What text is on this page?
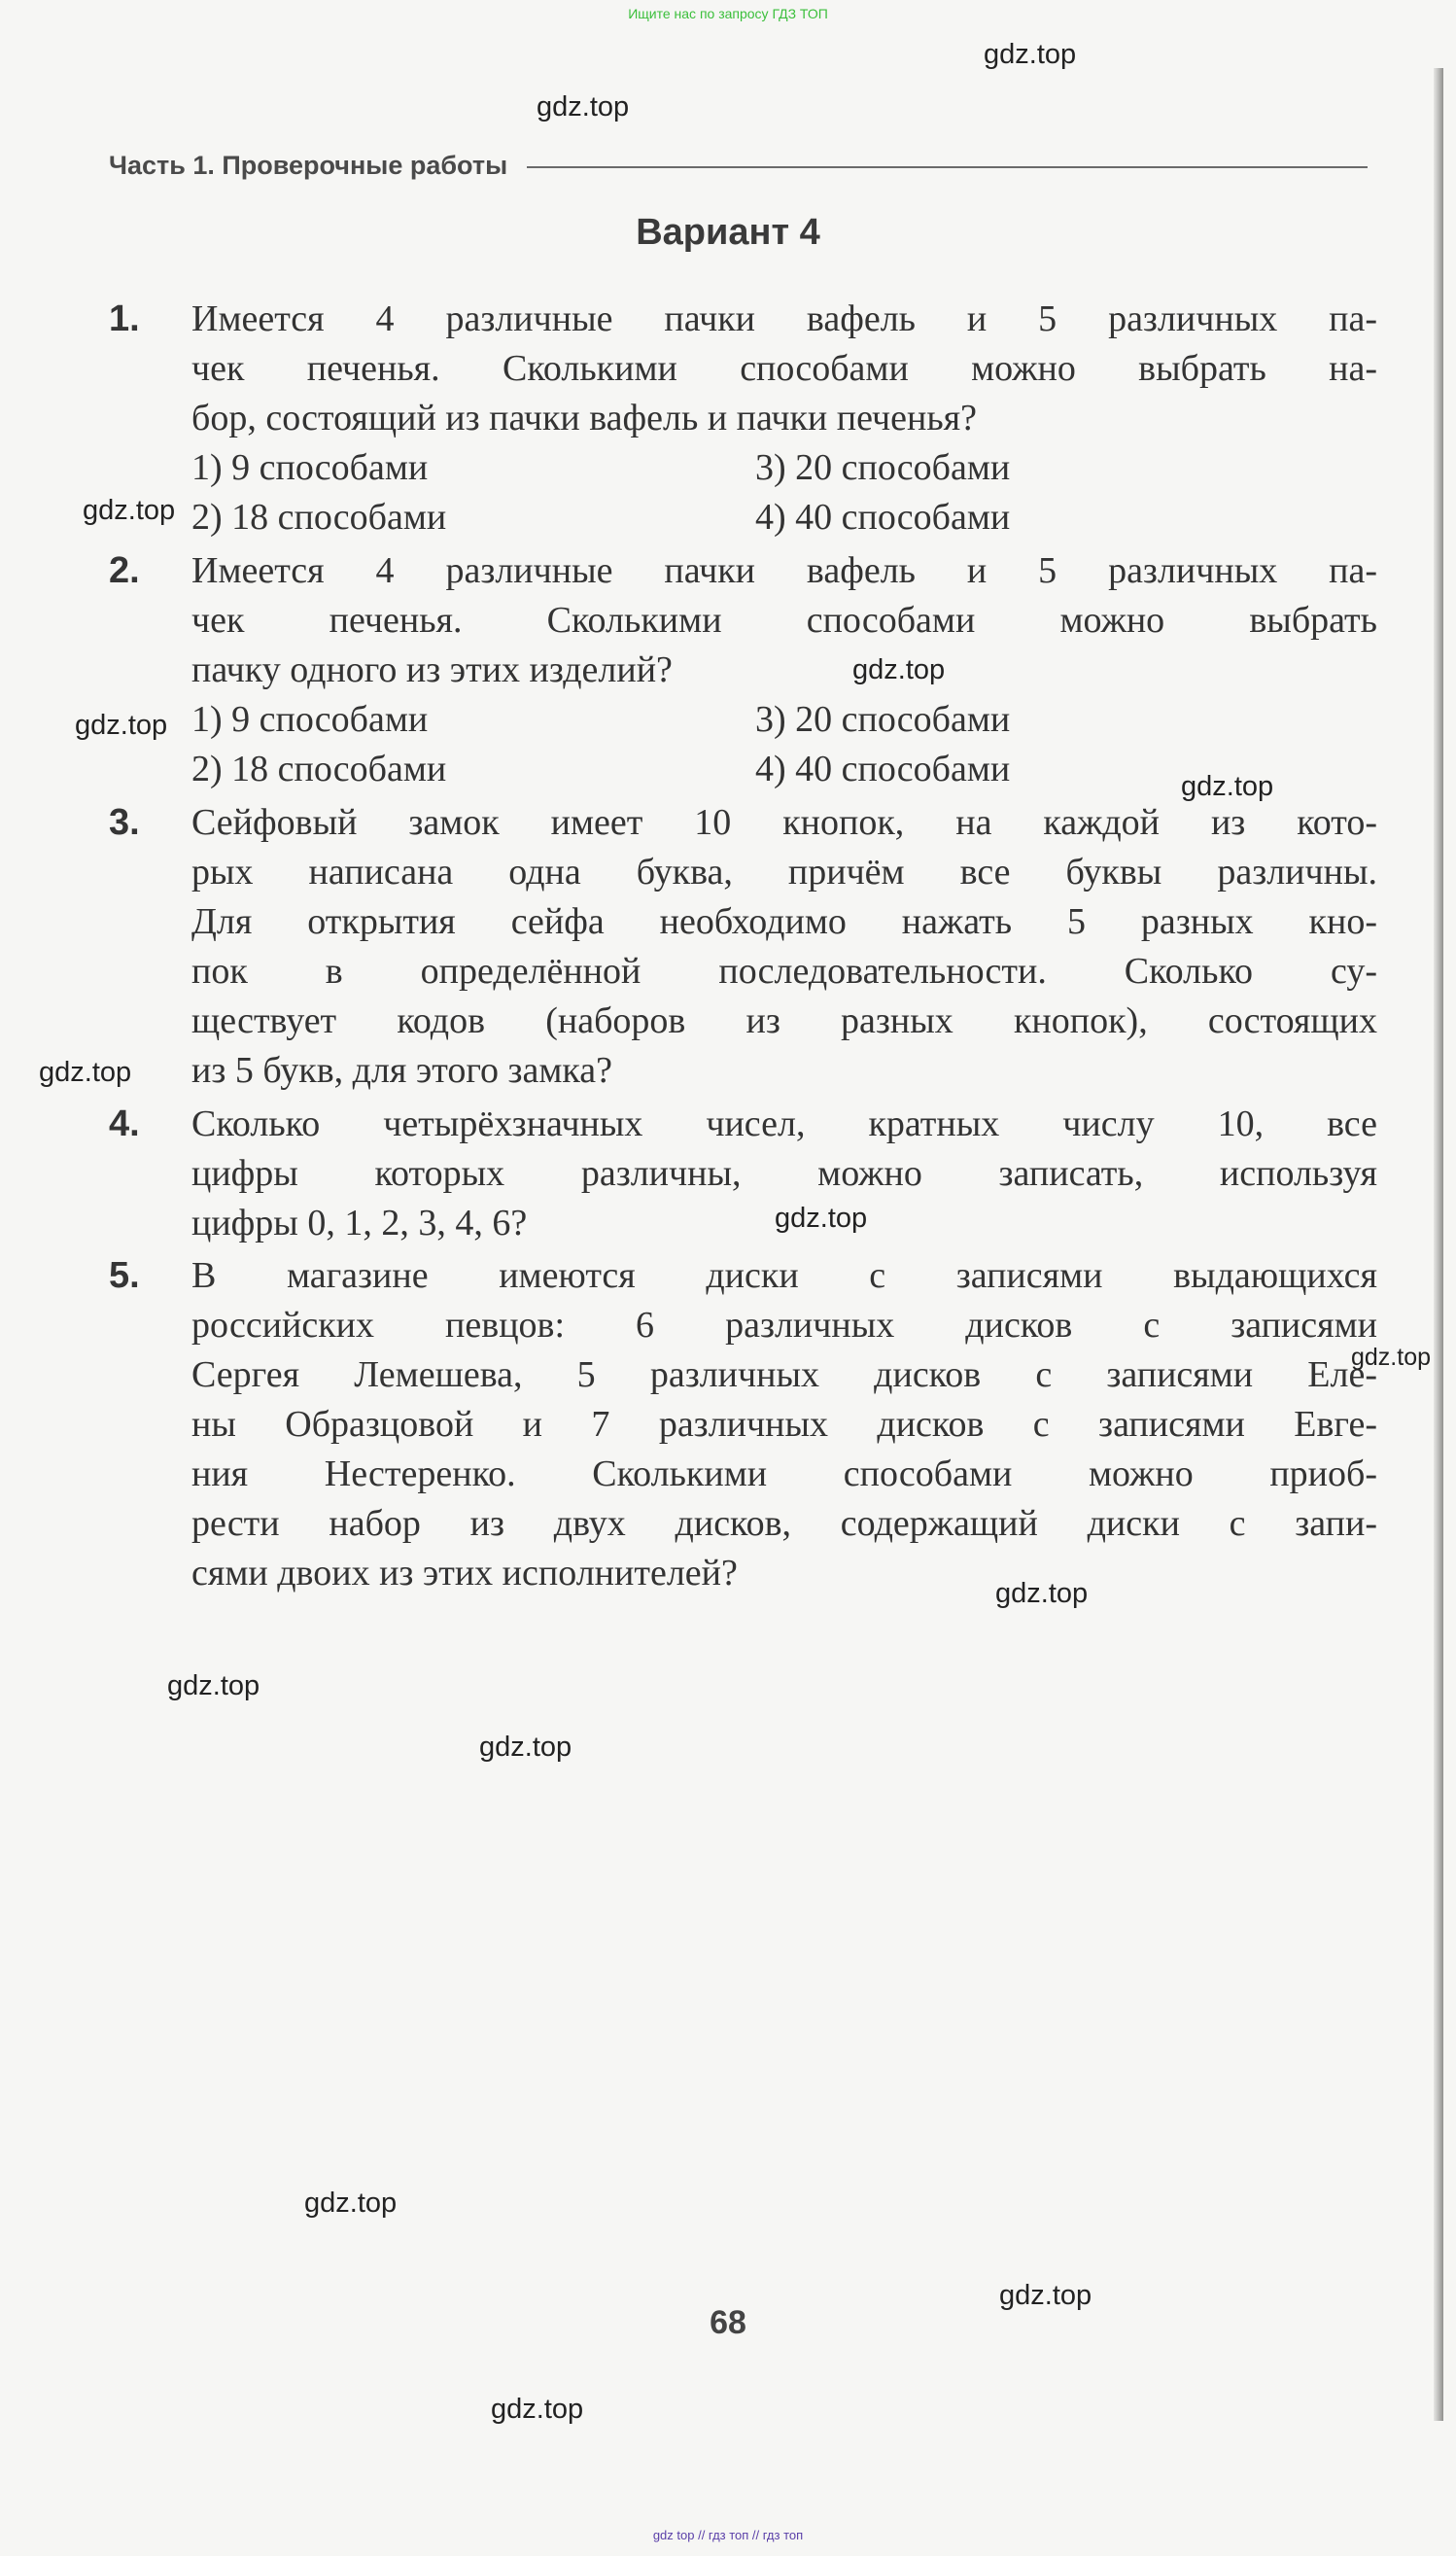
Ищите нас по запросу ГДЗ ТОП
Часть 1. Проверочные работы
Вариант 4
1. Имеется 4 различные пачки вафель и 5 различных па-
чек печенья. Сколькими способами можно выбрать на-
бор, состоящий из пачки вафель и пачки печенья?
1) 9 способами	3) 20 способами
2) 18 способами	4) 40 способами
2. Имеется 4 различные пачки вафель и 5 различных па-
чек печенья. Сколькими способами можно выбрать
пачку одного из этих изделий?
1) 9 способами	3) 20 способами
2) 18 способами	4) 40 способами
3. Сейфовый замок имеет 10 кнопок, на каждой из кото-
рых написана одна буква, причём все буквы различны.
Для открытия сейфа необходимо нажать 5 разных кно-
пок в определённой последовательности. Сколько су-
ществует кодов (наборов из разных кнопок), состоящих
из 5 букв, для этого замка?
4. Сколько четырёхзначных чисел, кратных числу 10, все
цифры которых различны, можно записать, используя
цифры 0, 1, 2, 3, 4, 6?
5. В магазине имеются диски с записями выдающихся
российских певцов: 6 различных дисков с записями
Сергея Лемешева, 5 различных дисков с записями Еле-
ны Образцовой и 7 различных дисков с записями Евге-
ния Нестеренко. Сколькими способами можно приоб-
рести набор из двух дисков, содержащий диски с запи-
сями двоих из этих исполнителей?
68
gdz.top
gdz.top
gdz.top
gdz.top
gdz.top
gdz.top
gdz.top
gdz.top
gdz.top
gdz.top
gdz.top
gdz.top
gdz.top
gdz.top
gdz.top
gdz top // гдз топ // гдз топ
